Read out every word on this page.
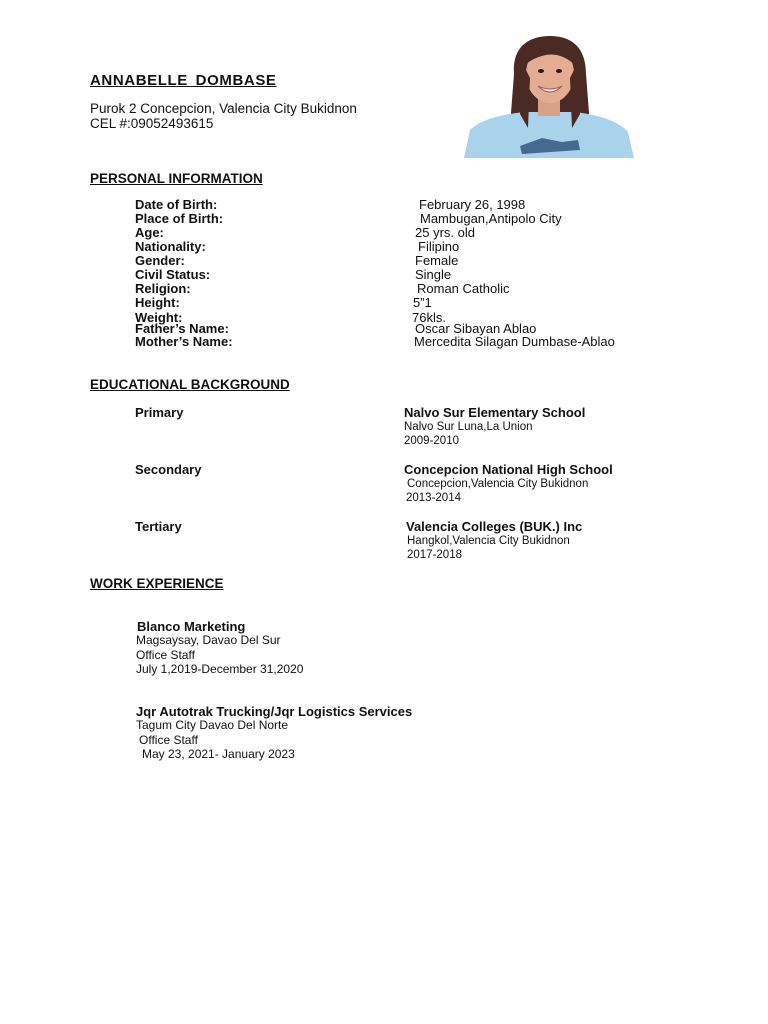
ANNABELLE DOMBASE
Purok 2 Concepcion, Valencia City Bukidnon
CEL #:09052493615
PERSONAL INFORMATION
Date of Birth:	February 26, 1998
Place of Birth:	Mambugan,Antipolo City
Age:	25 yrs. old
Nationality:	Filipino
Gender:	Female
Civil Status:	Single
Religion:	Roman Catholic
Height:	5”1
Weight:	76kls.
Father’s Name:	Oscar Sibayan Ablao
Mother’s Name:	Mercedita Silagan Dumbase-Ablao
EDUCATIONAL BACKGROUND
Primary	Nalvo Sur Elementary School
Nalvo Sur Luna,La Union
2009-2010
Secondary	Concepcion National High School
Concepcion,Valencia City Bukidnon
2013-2014
Tertiary	Valencia Colleges (BUK.) Inc
Hangkol,Valencia City Bukidnon
2017-2018
WORK EXPERIENCE
Blanco Marketing
Magsaysay, Davao Del Sur
Office Staff
July 1,2019-December 31,2020
Jqr Autotrak Trucking/Jqr Logistics Services
Tagum City Davao Del Norte
Office Staff
May 23, 2021- January 2023
